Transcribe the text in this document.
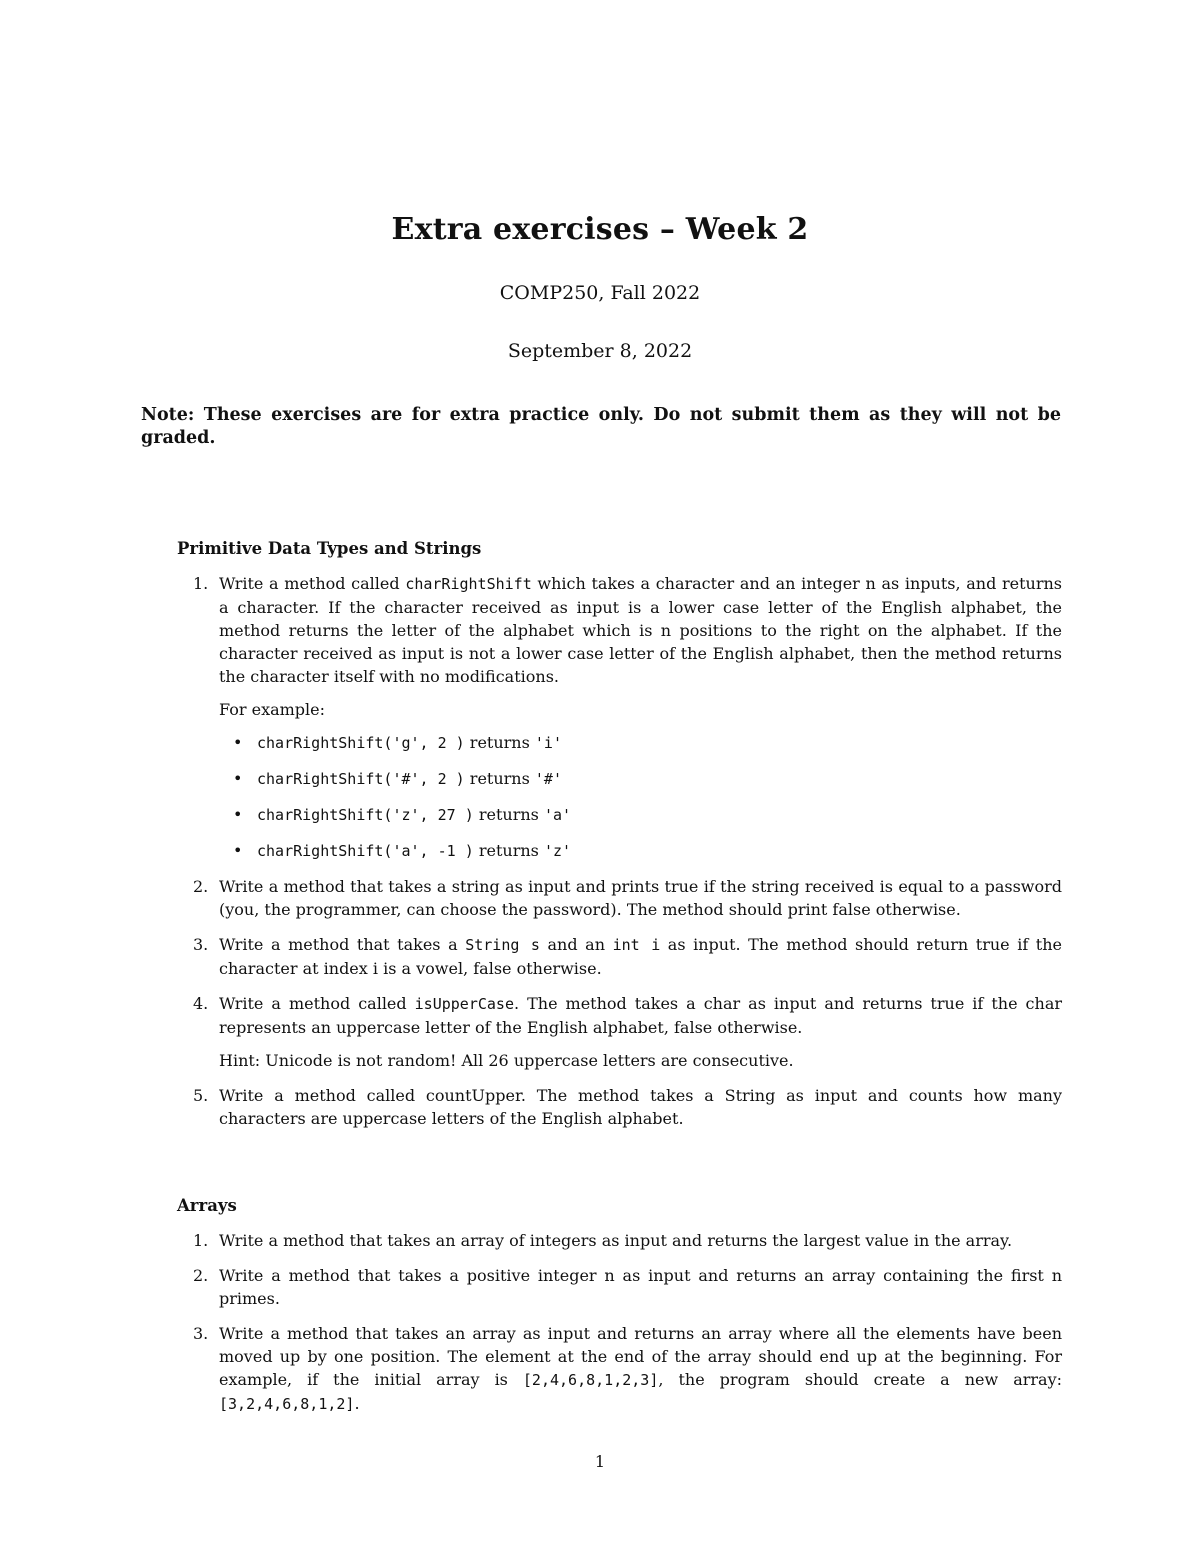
Extra exercises – Week 2
COMP250, Fall 2022
September 8, 2022
Note: These exercises are for extra practice only. Do not submit them as they will not be graded.
Primitive Data Types and Strings
1. Write a method called charRightShift which takes a character and an integer n as inputs, and returns a character. If the character received as input is a lower case letter of the English alphabet, the method returns the letter of the alphabet which is n positions to the right on the alphabet. If the character received as input is not a lower case letter of the English alphabet, then the method returns the character itself with no modifications.

For example:

• charRightShift('g', 2 ) returns 'i'
• charRightShift('#', 2 ) returns '#'
• charRightShift('z', 27 ) returns 'a'
• charRightShift('a', -1 ) returns 'z'
2. Write a method that takes a string as input and prints true if the string received is equal to a password (you, the programmer, can choose the password). The method should print false otherwise.

3. Write a method that takes a String s and an int i as input. The method should return true if the character at index i is a vowel, false otherwise.

4. Write a method called isUpperCase. The method takes a char as input and returns true if the char represents an uppercase letter of the English alphabet, false otherwise.

Hint: Unicode is not random! All 26 uppercase letters are consecutive.

5. Write a method called countUpper. The method takes a String as input and counts how many characters are uppercase letters of the English alphabet.

Arrays
1. Write a method that takes an array of integers as input and returns the largest value in the array.

2. Write a method that takes a positive integer n as input and returns an array containing the first n primes.

3. Write a method that takes an array as input and returns an array where all the elements have been moved up by one position. The element at the end of the array should end up at the beginning. For example, if the initial array is [2,4,6,8,1,2,3], the program should create a new array: [3,2,4,6,8,1,2].

1
